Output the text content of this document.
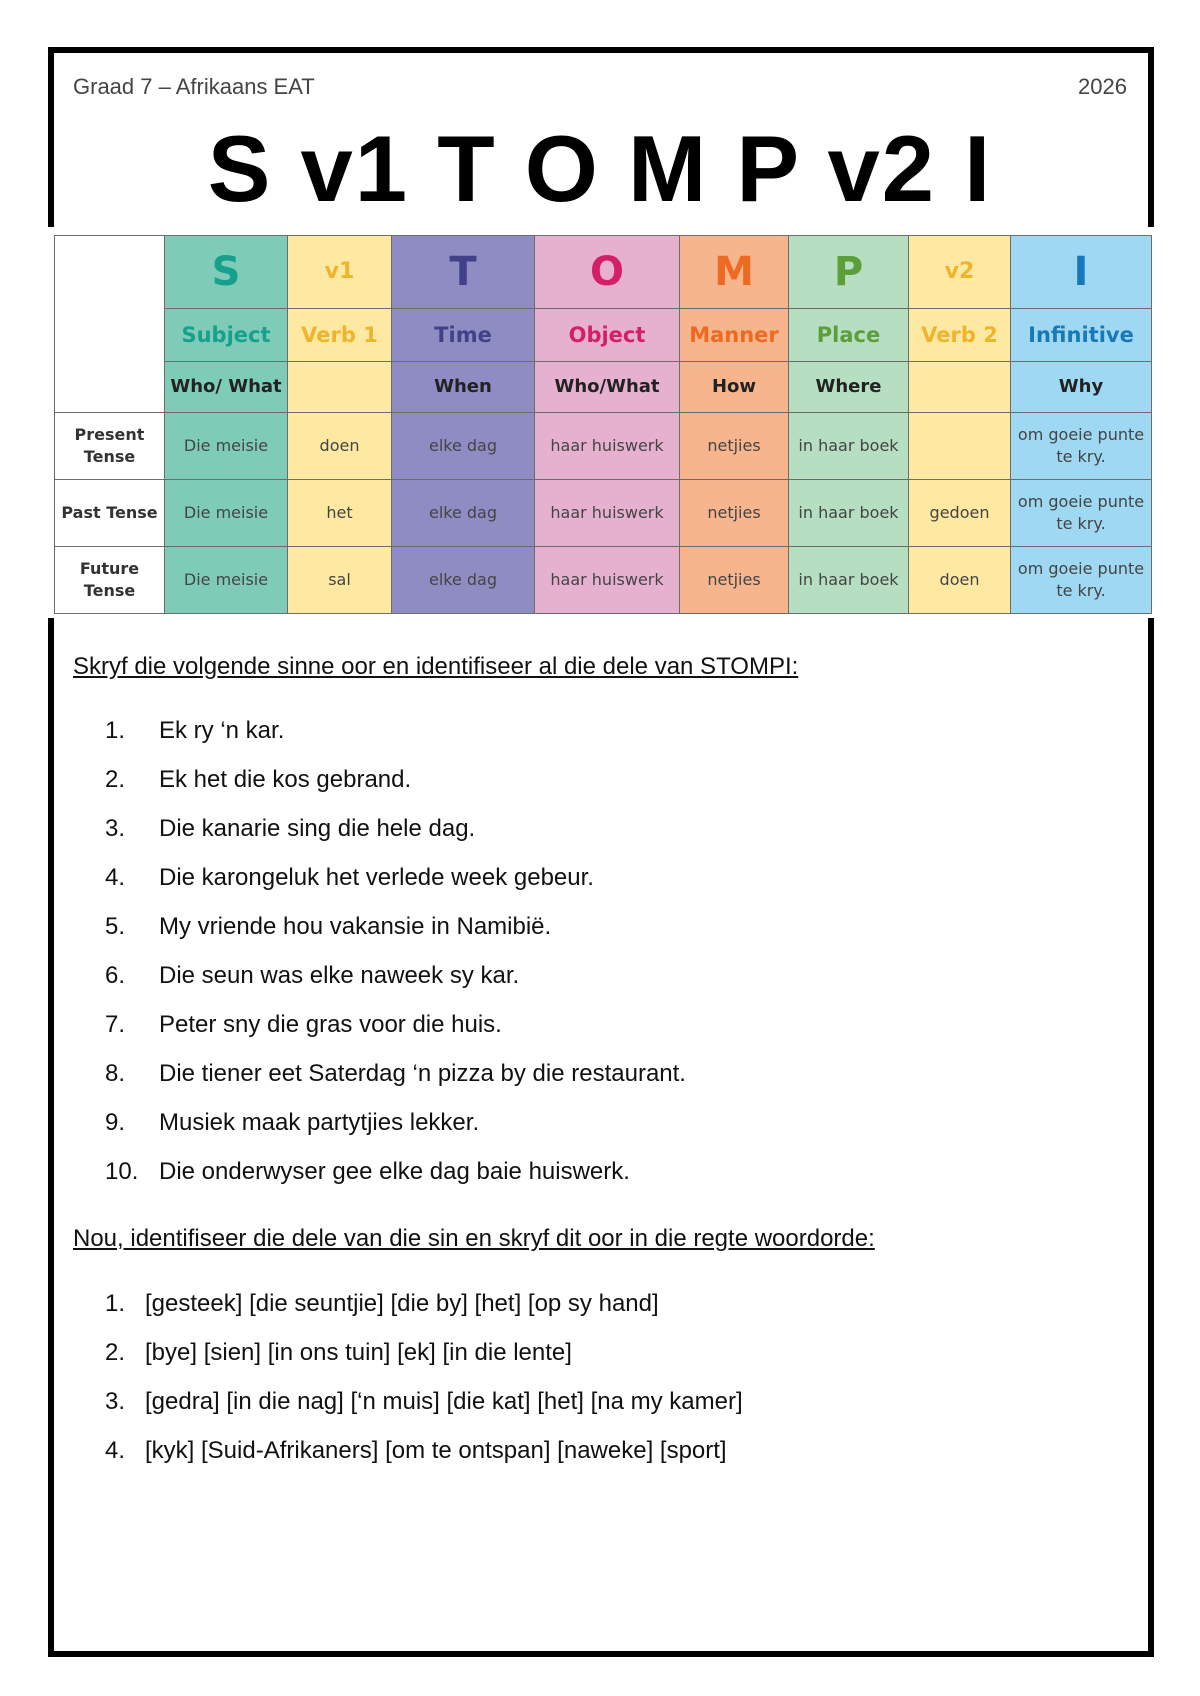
Graad 7 – Afrikaans EAT	2026
S v1 T O M P v2 I
	S	v1	T	O	M	P	v2	I
	Subject	Verb 1	Time	Object	Manner	Place	Verb 2	Infinitive
	Who/ What		When	Who/What	How	Where		Why
Present Tense	Die meisie	doen	elke dag	haar huiswerk	netjies	in haar boek		om goeie punte te kry.
Past Tense	Die meisie	het	elke dag	haar huiswerk	netjies	in haar boek	gedoen	om goeie punte te kry.
Future Tense	Die meisie	sal	elke dag	haar huiswerk	netjies	in haar boek	doen	om goeie punte te kry.
Skryf die volgende sinne oor en identifiseer al die dele van STOMPI:
1.	Ek ry ‘n kar.
2.	Ek het die kos gebrand.
3.	Die kanarie sing die hele dag.
4.	Die karongeluk het verlede week gebeur.
5.	My vriende hou vakansie in Namibië.
6.	Die seun was elke naweek sy kar.
7.	Peter sny die gras voor die huis.
8.	Die tiener eet Saterdag ‘n pizza by die restaurant.
9.	Musiek maak partytjies lekker.
10. Die onderwyser gee elke dag baie huiswerk.
Nou, identifiseer die dele van die sin en skryf dit oor in die regte woordorde:
1. [gesteek] [die seuntjie] [die by] [het] [op sy hand]
2. [bye] [sien] [in ons tuin] [ek] [in die lente]
3. [gedra] [in die nag] [‘n muis] [die kat] [het] [na my kamer]
4. [kyk] [Suid-Afrikaners] [om te ontspan] [naweke] [sport]
